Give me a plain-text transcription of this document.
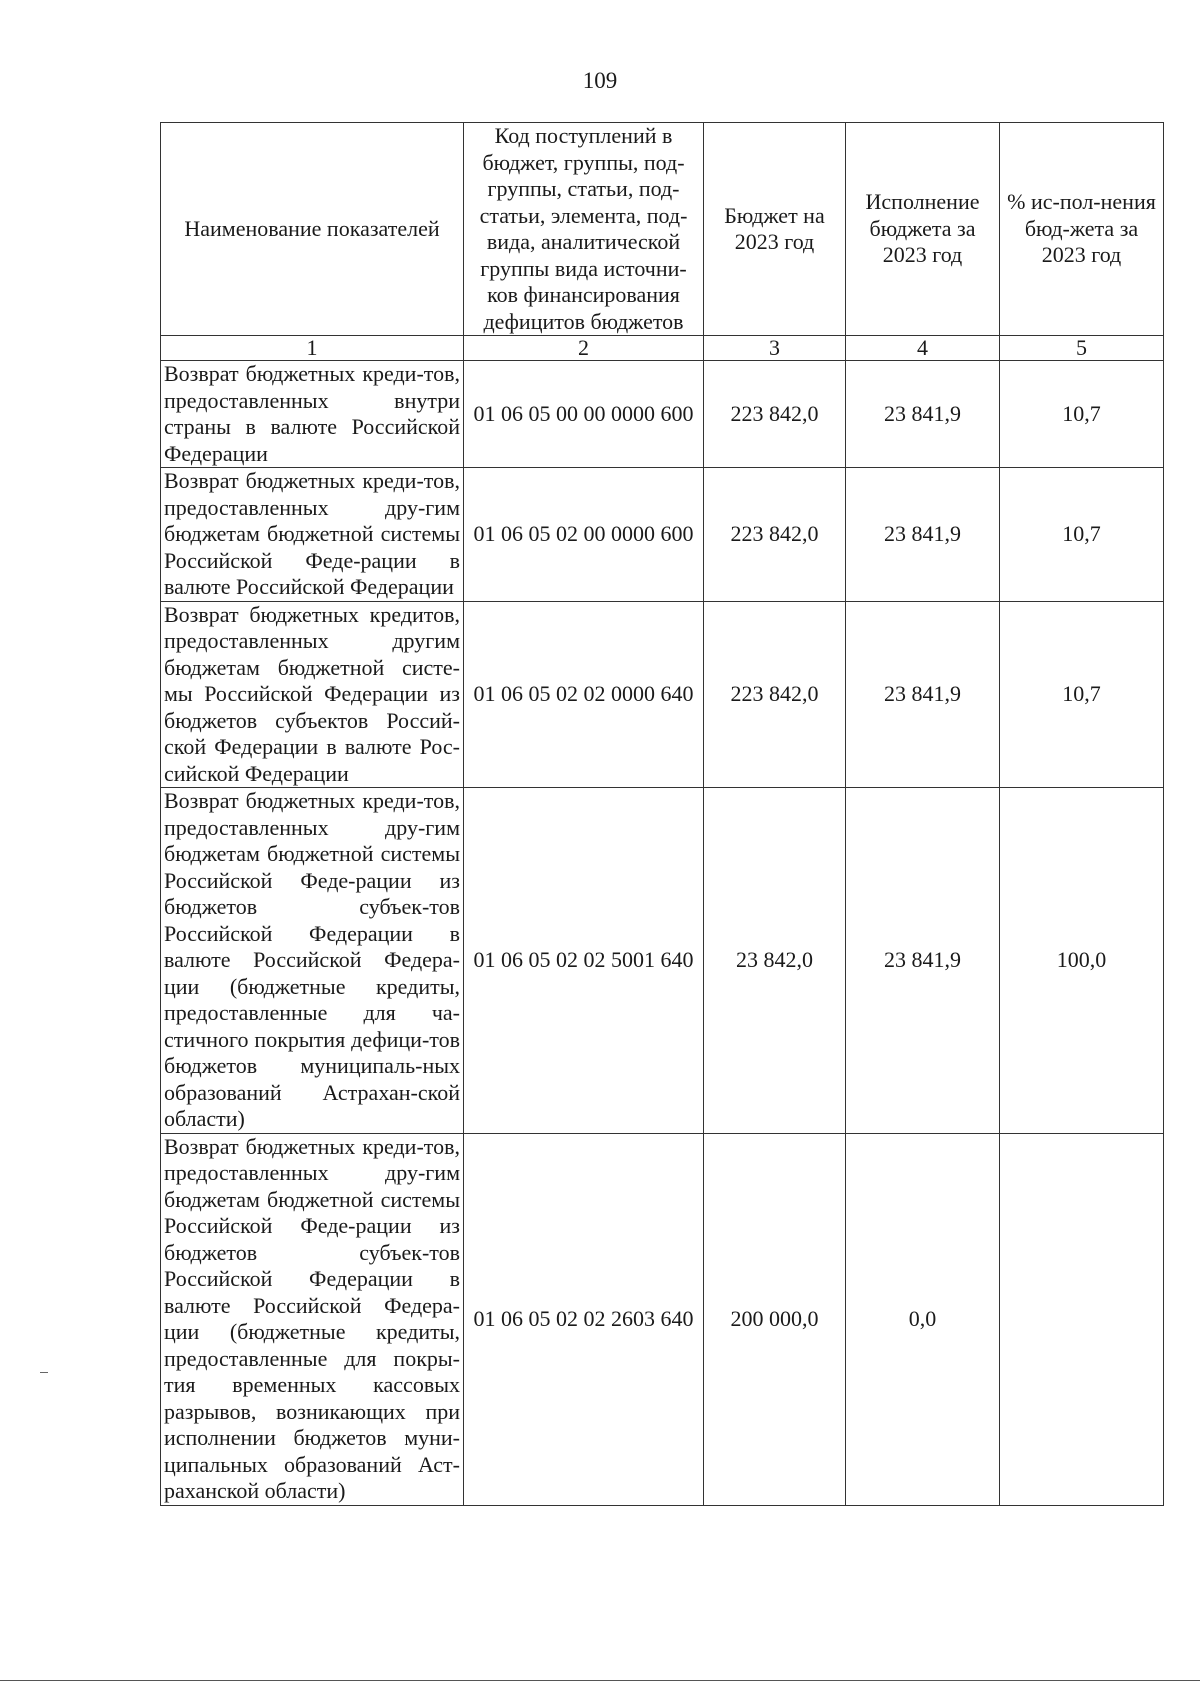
109
Наименование показателей	Код поступлений в бюджет, группы, под-группы, статьи, под-статьи, элемента, под-вида, аналитической группы вида источни-ков финансирования дефицитов бюджетов	Бюджет на 2023 год	Исполнение бюджета за 2023 год	% ис-пол-нения бюд-жета за 2023 год
1	2	3	4	5
Возврат бюджетных креди-тов, предоставленных внутри страны в валюте Российской Федерации	01 06 05 00 00 0000 600	223 842,0	23 841,9	10,7
Возврат бюджетных креди-тов, предоставленных дру-гим бюджетам бюджетной системы Российской Феде-рации в валюте Российской Федерации	01 06 05 02 00 0000 600	223 842,0	23 841,9	10,7
Возврат бюджетных кредитов, предоставленных другим бюджетам бюджетной систе-мы Российской Федерации из бюджетов субъектов Россий-ской Федерации в валюте Рос-сийской Федерации	01 06 05 02 02 0000 640	223 842,0	23 841,9	10,7
Возврат бюджетных креди-тов, предоставленных дру-гим бюджетам бюджетной системы Российской Феде-рации из бюджетов субъек-тов Российской Федерации в валюте Российской Федера-ции (бюджетные кредиты, предоставленные для ча-стичного покрытия дефици-тов бюджетов муниципаль-ных образований Астрахан-ской области)	01 06 05 02 02 5001 640	23 842,0	23 841,9	100,0
Возврат бюджетных креди-тов, предоставленных дру-гим бюджетам бюджетной системы Российской Феде-рации из бюджетов субъек-тов Российской Федерации в валюте Российской Федера-ции (бюджетные кредиты, предоставленные для покры-тия временных кассовых разрывов, возникающих при исполнении бюджетов муни-ципальных образований Аст-раханской области)	01 06 05 02 02 2603 640	200 000,0	0,0	
